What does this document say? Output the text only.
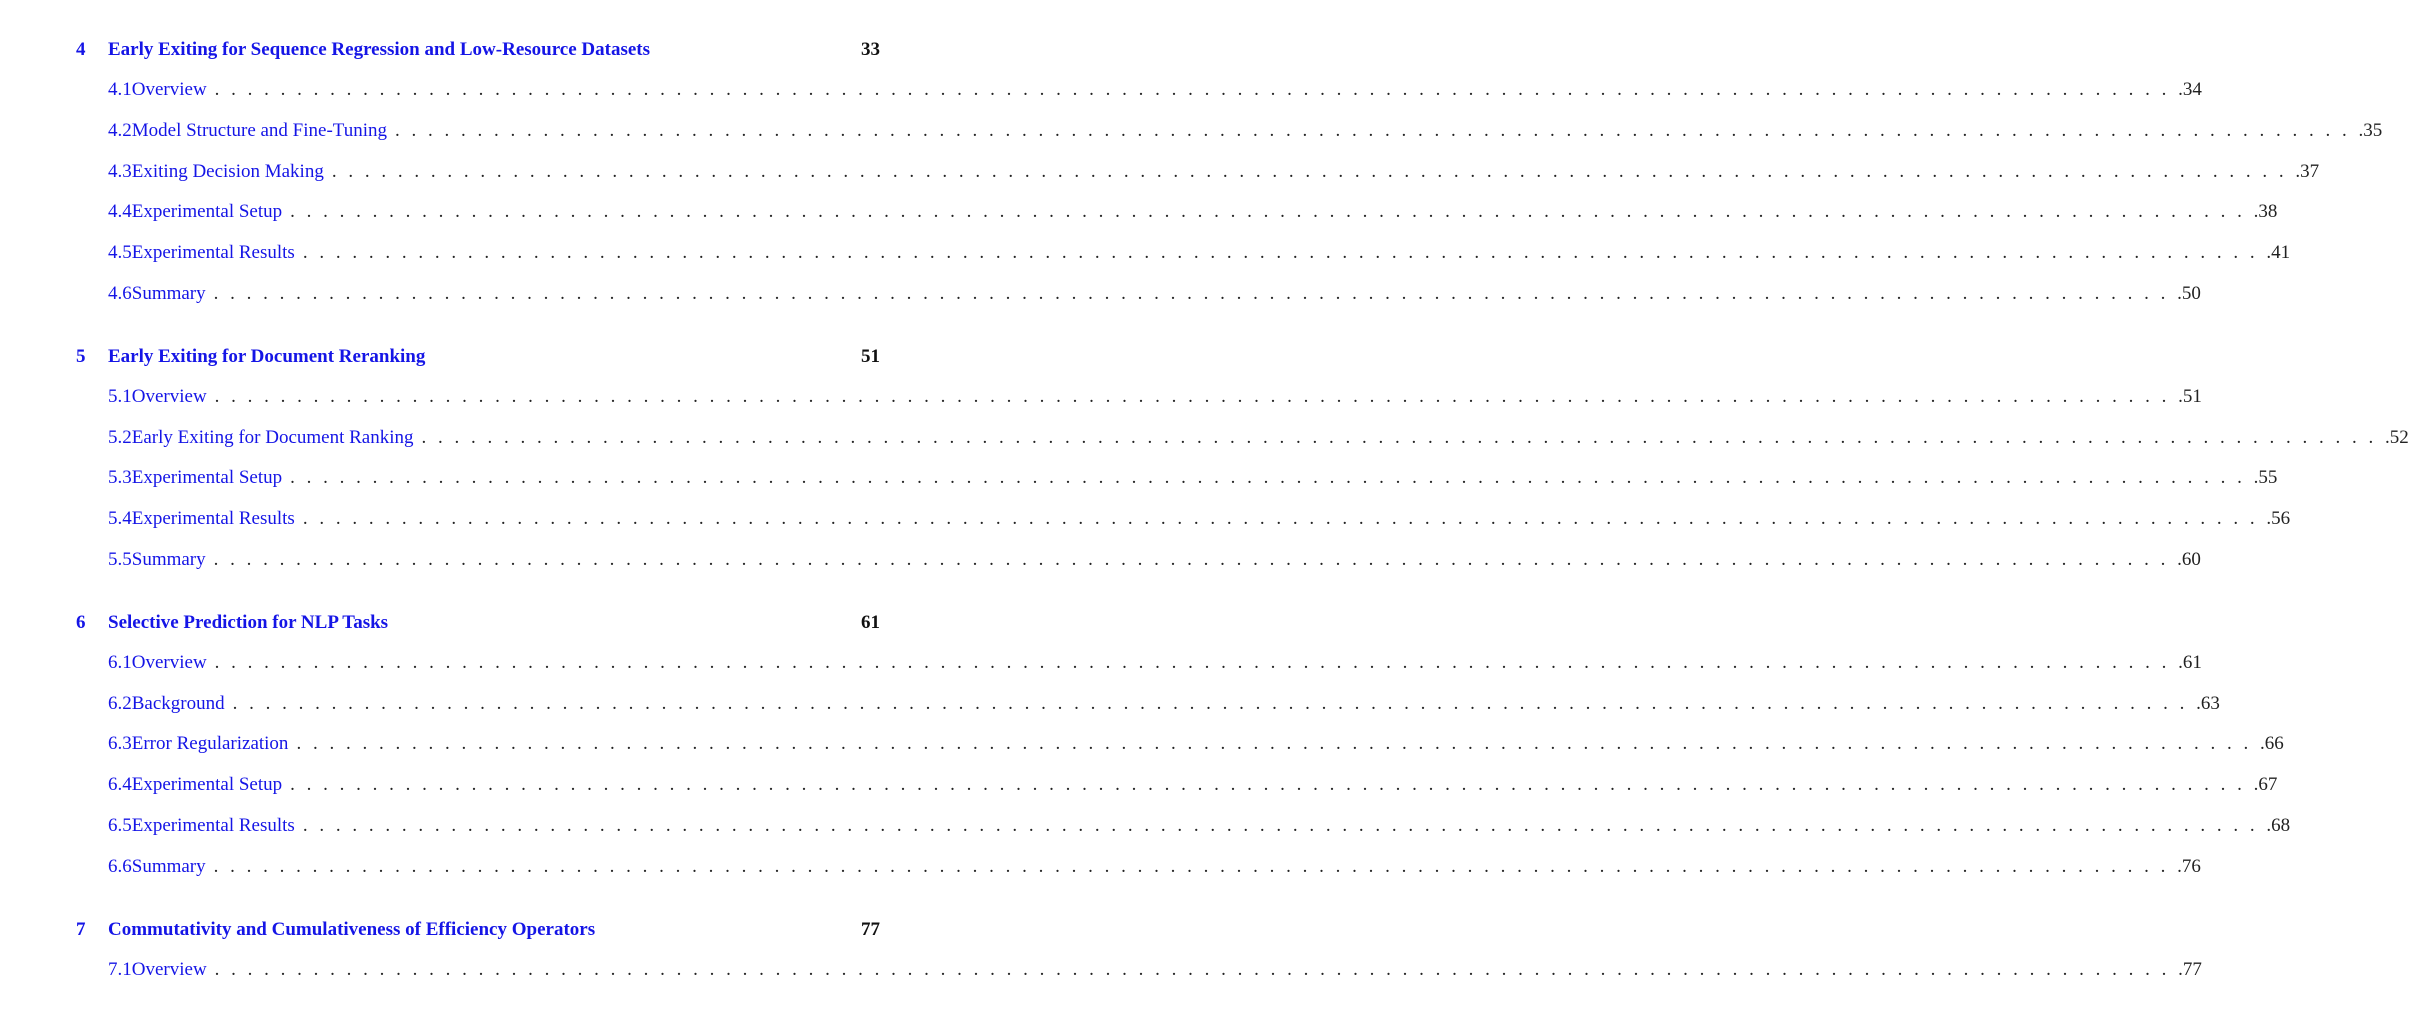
4	Early Exiting for Sequence Regression and Low-Resource Datasets	33
4.1 Overview . . . . . . . . . . . . . . . . . . . . . . . . . . . . . . . . . . . . . . . . . . . . . . . . . . . . . . . . . . . . . . . . . . . . . . . . . . . . . . . . . . . . . . . . . . . . . . . . . . . . . . . . . . . . . . . . . . . . . . . . 34
4.2 Model Structure and Fine-Tuning . . . . . . . . . . . . . . . . . . . . . . . . . . . . . . . . . . . . . . . . . . . . . . . . . . . . . . . . . . . . . . . . . . . . . . . . . . . . . . . . . . . . . . . . . . . . . . . . . . . . . . . . . . . . . . . . . . . . . . . . 35
4.3 Exiting Decision Making . . . . . . . . . . . . . . . . . . . . . . . . . . . . . . . . . . . . . . . . . . . . . . . . . . . . . . . . . . . . . . . . . . . . . . . . . . . . . . . . . . . . . . . . . . . . . . . . . . . . . . . . . . . . . . . . . . . . . . . . 37
4.4 Experimental Setup . . . . . . . . . . . . . . . . . . . . . . . . . . . . . . . . . . . . . . . . . . . . . . . . . . . . . . . . . . . . . . . . . . . . . . . . . . . . . . . . . . . . . . . . . . . . . . . . . . . . . . . . . . . . . . . . . . . . . . . . 38
4.5 Experimental Results . . . . . . . . . . . . . . . . . . . . . . . . . . . . . . . . . . . . . . . . . . . . . . . . . . . . . . . . . . . . . . . . . . . . . . . . . . . . . . . . . . . . . . . . . . . . . . . . . . . . . . . . . . . . . . . . . . . . . . . . 41
4.6 Summary . . . . . . . . . . . . . . . . . . . . . . . . . . . . . . . . . . . . . . . . . . . . . . . . . . . . . . . . . . . . . . . . . . . . . . . . . . . . . . . . . . . . . . . . . . . . . . . . . . . . . . . . . . . . . . . . . . . . . . . . 50
5	Early Exiting for Document Reranking	51
5.1 Overview . . . . . . . . . . . . . . . . . . . . . . . . . . . . . . . . . . . . . . . . . . . . . . . . . . . . . . . . . . . . . . . . . . . . . . . . . . . . . . . . . . . . . . . . . . . . . . . . . . . . . . . . . . . . . . . . . . . . . . . . 51
5.2 Early Exiting for Document Ranking . . . . . . . . . . . . . . . . . . . . . . . . . . . . . . . . . . . . . . . . . . . . . . . . . . . . . . . . . . . . . . . . . . . . . . . . . . . . . . . . . . . . . . . . . . . . . . . . . . . . . . . . . . . . . . . . . . . . . . . . 52
5.3 Experimental Setup . . . . . . . . . . . . . . . . . . . . . . . . . . . . . . . . . . . . . . . . . . . . . . . . . . . . . . . . . . . . . . . . . . . . . . . . . . . . . . . . . . . . . . . . . . . . . . . . . . . . . . . . . . . . . . . . . . . . . . . . 55
5.4 Experimental Results . . . . . . . . . . . . . . . . . . . . . . . . . . . . . . . . . . . . . . . . . . . . . . . . . . . . . . . . . . . . . . . . . . . . . . . . . . . . . . . . . . . . . . . . . . . . . . . . . . . . . . . . . . . . . . . . . . . . . . . . 56
5.5 Summary . . . . . . . . . . . . . . . . . . . . . . . . . . . . . . . . . . . . . . . . . . . . . . . . . . . . . . . . . . . . . . . . . . . . . . . . . . . . . . . . . . . . . . . . . . . . . . . . . . . . . . . . . . . . . . . . . . . . . . . . 60
6	Selective Prediction for NLP Tasks	61
6.1 Overview . . . . . . . . . . . . . . . . . . . . . . . . . . . . . . . . . . . . . . . . . . . . . . . . . . . . . . . . . . . . . . . . . . . . . . . . . . . . . . . . . . . . . . . . . . . . . . . . . . . . . . . . . . . . . . . . . . . . . . . . 61
6.2 Background . . . . . . . . . . . . . . . . . . . . . . . . . . . . . . . . . . . . . . . . . . . . . . . . . . . . . . . . . . . . . . . . . . . . . . . . . . . . . . . . . . . . . . . . . . . . . . . . . . . . . . . . . . . . . . . . . . . . . . . . 63
6.3 Error Regularization . . . . . . . . . . . . . . . . . . . . . . . . . . . . . . . . . . . . . . . . . . . . . . . . . . . . . . . . . . . . . . . . . . . . . . . . . . . . . . . . . . . . . . . . . . . . . . . . . . . . . . . . . . . . . . . . . . . . . . . . 66
6.4 Experimental Setup . . . . . . . . . . . . . . . . . . . . . . . . . . . . . . . . . . . . . . . . . . . . . . . . . . . . . . . . . . . . . . . . . . . . . . . . . . . . . . . . . . . . . . . . . . . . . . . . . . . . . . . . . . . . . . . . . . . . . . . . 67
6.5 Experimental Results . . . . . . . . . . . . . . . . . . . . . . . . . . . . . . . . . . . . . . . . . . . . . . . . . . . . . . . . . . . . . . . . . . . . . . . . . . . . . . . . . . . . . . . . . . . . . . . . . . . . . . . . . . . . . . . . . . . . . . . . 68
6.6 Summary . . . . . . . . . . . . . . . . . . . . . . . . . . . . . . . . . . . . . . . . . . . . . . . . . . . . . . . . . . . . . . . . . . . . . . . . . . . . . . . . . . . . . . . . . . . . . . . . . . . . . . . . . . . . . . . . . . . . . . . . 76
7	Commutativity and Cumulativeness of Efficiency Operators	77
7.1 Overview . . . . . . . . . . . . . . . . . . . . . . . . . . . . . . . . . . . . . . . . . . . . . . . . . . . . . . . . . . . . . . . . . . . . . . . . . . . . . . . . . . . . . . . . . . . . . . . . . . . . . . . . . . . . . . . . . . . . . . . . 77
